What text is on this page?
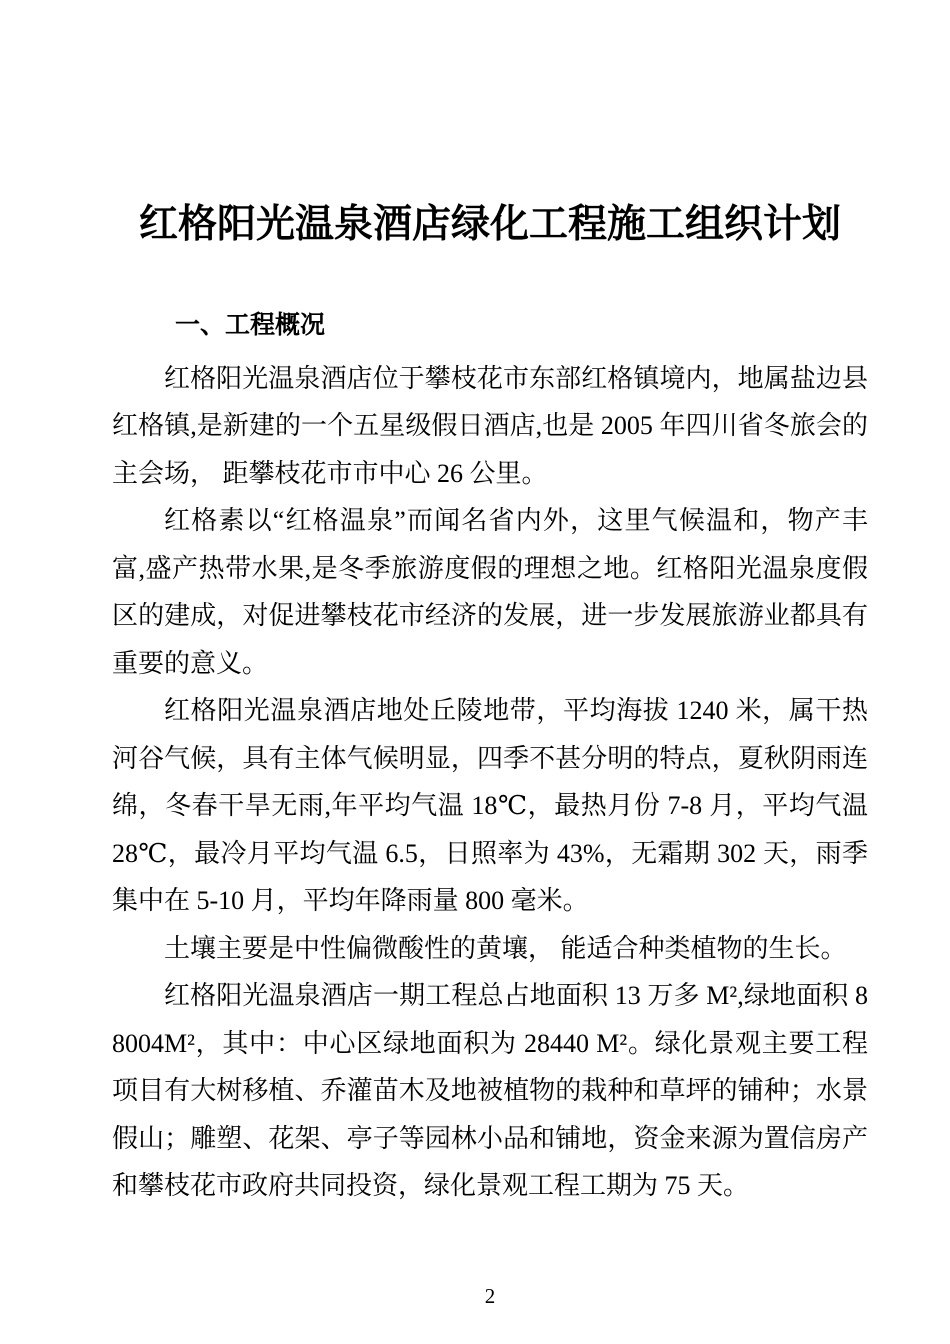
红格阳光温泉酒店绿化工程施工组织计划
一、工程概况

红格阳光温泉酒店位于攀枝花市东部红格镇境内，地属盐边县红格镇,是新建的一个五星级假日酒店,也是 2005 年四川省冬旅会的主会场， 距攀枝花市市中心 26 公里。

红格素以“红格温泉”而闻名省内外，这里气候温和，物产丰富,盛产热带水果,是冬季旅游度假的理想之地。红格阳光温泉度假区的建成，对促进攀枝花市经济的发展，进一步发展旅游业都具有重要的意义。

红格阳光温泉酒店地处丘陵地带，平均海拔 1240 米，属干热河谷气候，具有主体气候明显，四季不甚分明的特点，夏秋阴雨连绵，冬春干旱无雨,年平均气温 18℃，最热月份 7-8 月，平均气温 28℃，最冷月平均气温 6.5，日照率为 43%，无霜期 302 天，雨季集中在 5-10 月，平均年降雨量 800 毫米。

土壤主要是中性偏微酸性的黄壤， 能适合种类植物的生长。

红格阳光温泉酒店一期工程总占地面积 13 万多 M²,绿地面积 88004M²，其中：中心区绿地面积为 28440 M²。绿化景观主要工程项目有大树移植、乔灌苗木及地被植物的栽种和草坪的铺种；水景假山；雕塑、花架、亭子等园林小品和铺地，资金来源为置信房产和攀枝花市政府共同投资，绿化景观工程工期为 75 天。

2
